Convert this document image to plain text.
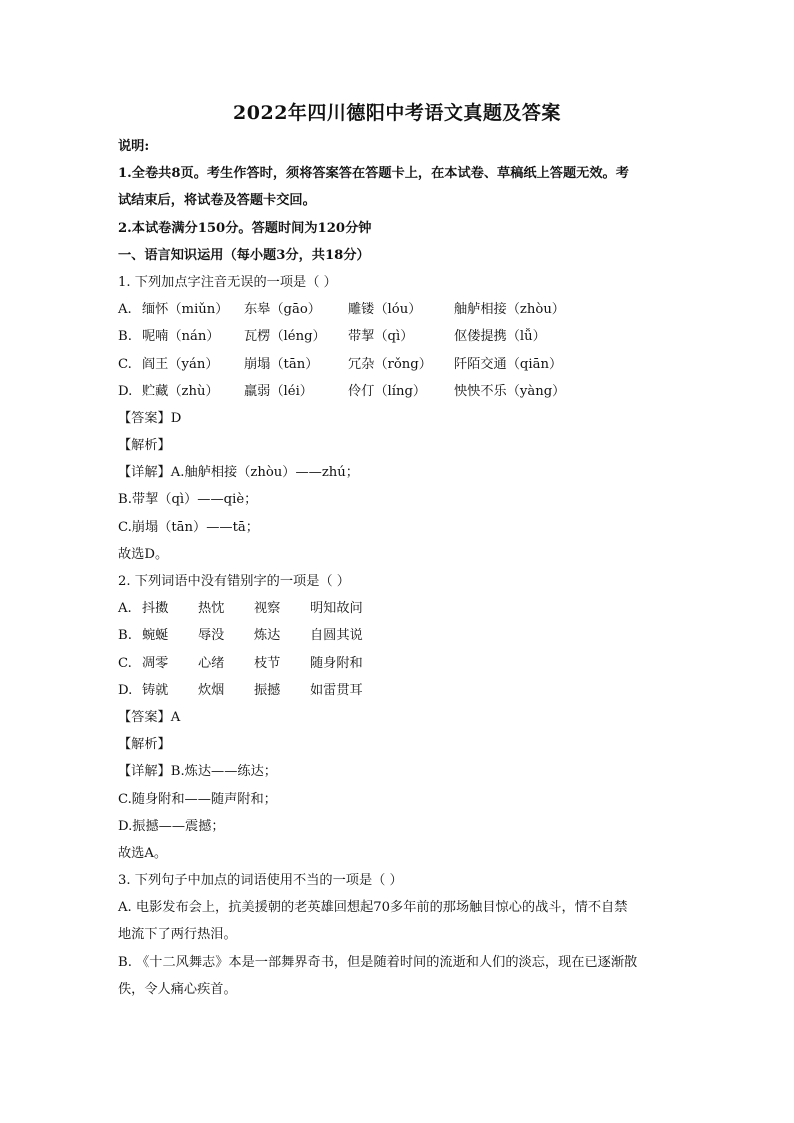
2022年四川德阳中考语文真题及答案
说明:
1.全卷共8页。考生作答时，须将答案答在答题卡上，在本试卷、草稿纸上答题无效。考
试结束后，将试卷及答题卡交回。
2.本试卷满分150分。答题时间为120分钟
一、语言知识运用（每小题3分，共18分）
1. 下列加点字注音无误的一项是（ ）
A. 缅怀（miǔn）	东皋（gāo）	雕镂（lóu）	舳舻相接（zhòu）
B. 呢喃（nán）	瓦楞（léng）	带挈（qì）	伛偻提携（lǚ）
C. 阎王（yán）	崩塌（tān）	冗杂（rǒng）	阡陌交通（qiān）
D. 贮藏（zhù）	羸弱（léi）	伶仃（líng）	怏怏不乐（yàng）
【答案】D
【解析】
【详解】A.舳舻相接（zhòu）——zhú；
B.带挈（qì）——qiè；
C.崩塌（tān）——tā；
故选D。
2. 下列词语中没有错别字的一项是（ ）
A. 抖擞	热忱	视察	明知故问
B. 蜿蜒	辱没	炼达	自圆其说
C. 凋零	心绪	枝节	随身附和
D. 铸就	炊烟	振撼	如雷贯耳
【答案】A
【解析】
【详解】B.炼达——练达；
C.随身附和——随声附和；
D.振撼——震撼；
故选A。
3. 下列句子中加点的词语使用不当的一项是（ ）
A. 电影发布会上，抗美援朝的老英雄回想起70多年前的那场触目惊心的战斗，情不自禁
地流下了两行热泪。
B. 《十二风舞志》本是一部舞界奇书，但是随着时间的流逝和人们的淡忘，现在已逐渐散
佚，令人痛心疾首。
